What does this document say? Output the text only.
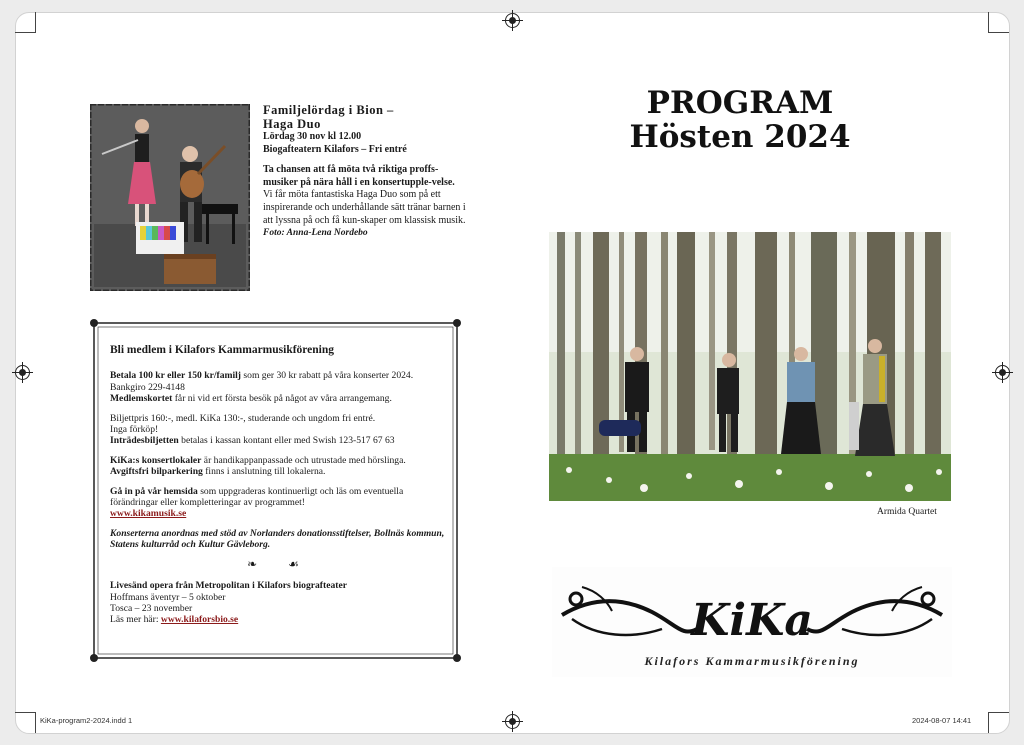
Familjelördag i Bion –
Haga Duo
Lördag 30 nov kl 12.00
Biogafteatern Kilafors – Fri entré
Ta chansen att få möta två riktiga proffs-musiker på nära håll i en konsertupple-velse.
Vi får möta fantastiska Haga Duo som på ett inspirerande och underhållande sätt tränar barnen i att lyssna på och få kun-skaper om klassisk musik.
Foto: Anna-Lena Nordebo

Bli medlem i Kilafors Kammarmusikförening

Betala 100 kr eller 150 kr/familj som ger 30 kr rabatt på våra konserter 2024.
Bankgiro 229-4148
Medlemskortet får ni vid ert första besök på något av våra arrangemang.

Biljettpris 160:-, medl. KiKa 130:-, studerande och ungdom fri entré.
Inga förköp!
Inträdesbiljetten betalas i kassan kontant eller med Swish 123-517 67 63

KiKa:s konsertlokaler är handikappanpassade och utrustade med hörslinga.
Avgiftsfri bilparkering finns i anslutning till lokalerna.

Gå in på vår hemsida som uppgraderas kontinuerligt och läs om eventuella förändringar eller kompletteringar av programmet!
www.kikamusik.se

Konserterna anordnas med stöd av Norlanders donationsstiftelser, Bollnäs kommun, Statens kulturråd och Kultur Gävleborg.

❧ ☙

Livesänd opera från Metropolitan i Kilafors biografteater
Hoffmans äventyr – 5 oktober
Tosca – 23 november
Läs mer här: www.kilaforsbio.se

PROGRAM
Hösten 2024
Armida Quartet
KiKa
Kilafors Kammarmusikförening
KiKa-program2-2024.indd 1	2024-08-07 14:41
